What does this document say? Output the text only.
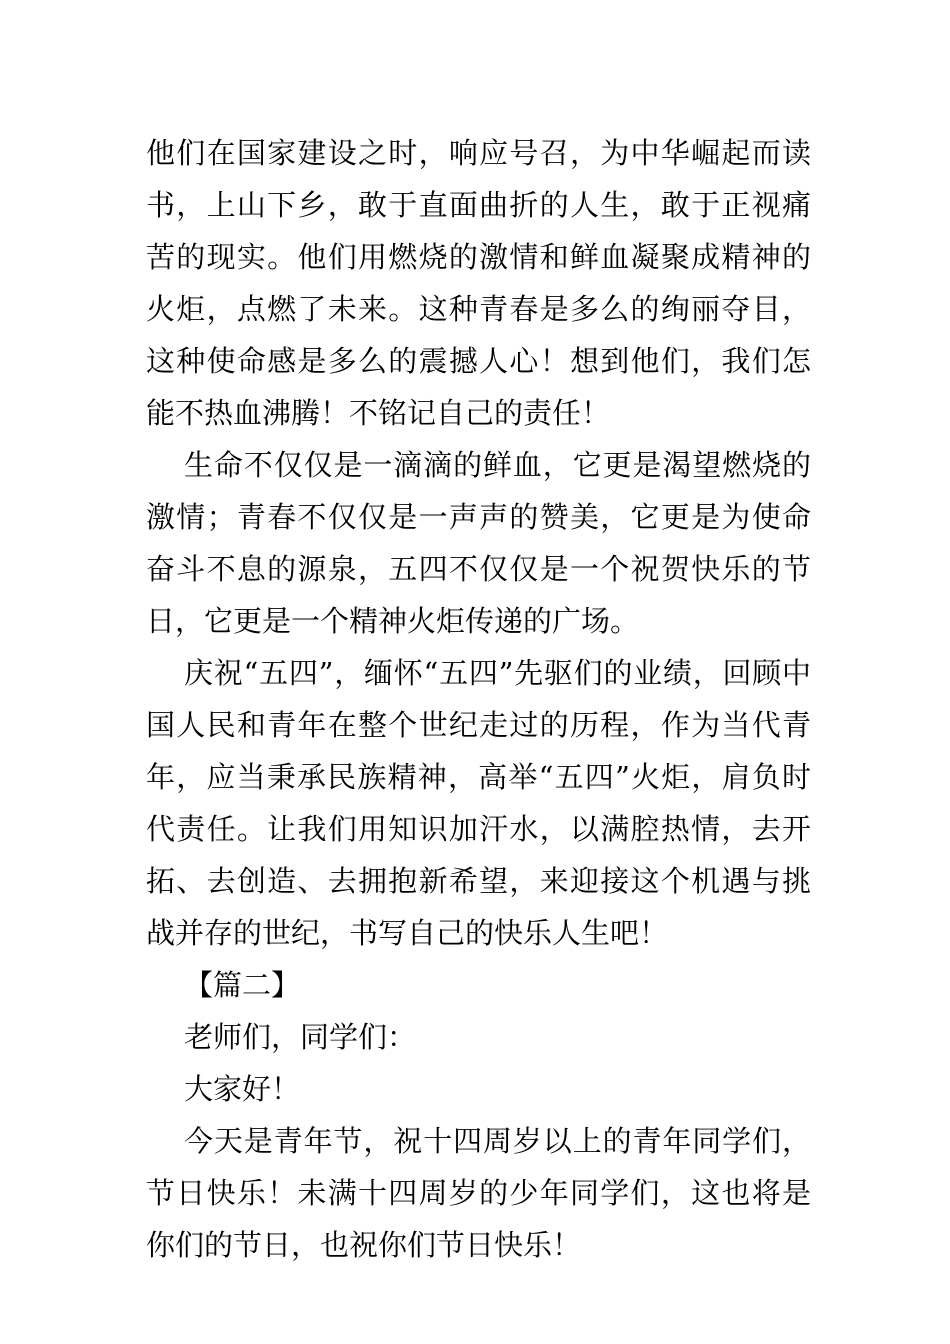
他们在国家建设之时，响应号召，为中华崛起而读书，上山下乡，敢于直面曲折的人生，敢于正视痛苦的现实。他们用燃烧的激情和鲜血凝聚成精神的火炬，点燃了未来。这种青春是多么的绚丽夺目，这种使命感是多么的震撼人心！想到他们，我们怎能不热血沸腾！不铭记自己的责任！

生命不仅仅是一滴滴的鲜血，它更是渴望燃烧的激情；青春不仅仅是一声声的赞美，它更是为使命奋斗不息的源泉，五四不仅仅是一个祝贺快乐的节日，它更是一个精神火炬传递的广场。

庆祝“五四”，缅怀“五四”先驱们的业绩，回顾中国人民和青年在整个世纪走过的历程，作为当代青年，应当秉承民族精神，高举“五四”火炬，肩负时代责任。让我们用知识加汗水，以满腔热情，去开拓、去创造、去拥抱新希望，来迎接这个机遇与挑战并存的世纪，书写自己的快乐人生吧！

【篇二】

老师们，同学们：

大家好！

今天是青年节，祝十四周岁以上的青年同学们，节日快乐！未满十四周岁的少年同学们，这也将是你们的节日，也祝你们节日快乐！
